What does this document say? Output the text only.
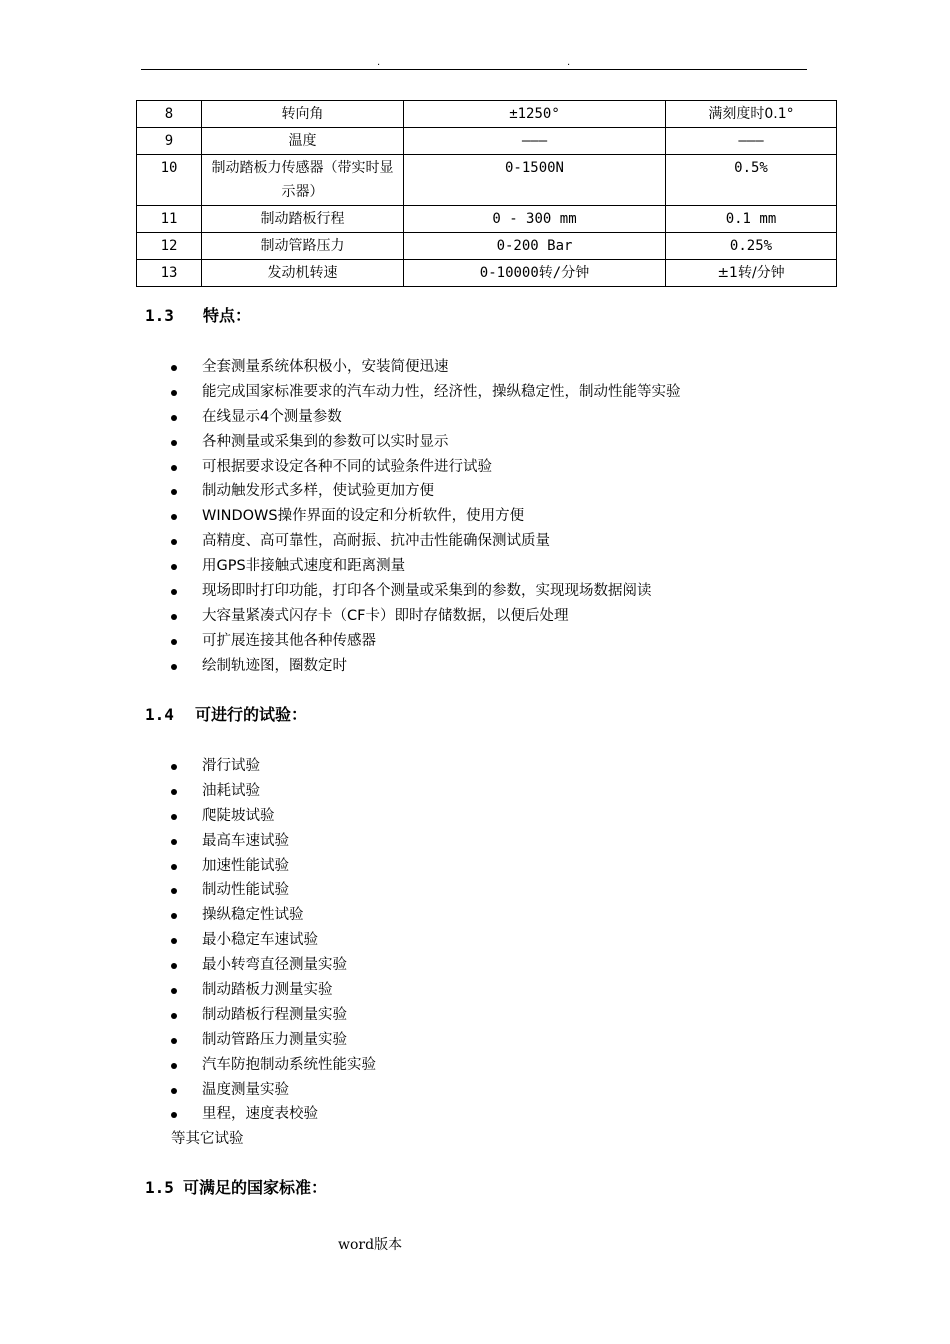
.	.
8	转向角	±1250°	满刻度时0.1°
9	温度	———	———
10	制动踏板力传感器（带实时显示器）	0-1500N	0.5%
11	制动踏板行程	0 - 300 mm	0.1 mm
12	制动管路压力	0-200 Bar	0.25%
13	发动机转速	0-10000转/分钟	±1转/分钟
1.3 特点：
全套测量系统体积极小，安装简便迅速
能完成国家标准要求的汽车动力性，经济性，操纵稳定性，制动性能等实验
在线显示4个测量参数
各种测量或采集到的参数可以实时显示
可根据要求设定各种不同的试验条件进行试验
制动触发形式多样，使试验更加方便
WINDOWS操作界面的设定和分析软件，使用方便
高精度、高可靠性，高耐振、抗冲击性能确保测试质量
用GPS非接触式速度和距离测量
现场即时打印功能，打印各个测量或采集到的参数，实现现场数据阅读
大容量紧凑式闪存卡（CF卡）即时存储数据，以便后处理
可扩展连接其他各种传感器
绘制轨迹图，圈数定时
1.4 可进行的试验：
滑行试验
油耗试验
爬陡坡试验
最高车速试验
加速性能试验
制动性能试验
操纵稳定性试验
最小稳定车速试验
最小转弯直径测量实验
制动踏板力测量实验
制动踏板行程测量实验
制动管路压力测量实验
汽车防抱制动系统性能实验
温度测量实验
里程，速度表校验
等其它试验
1.5 可满足的国家标准：
word版本
